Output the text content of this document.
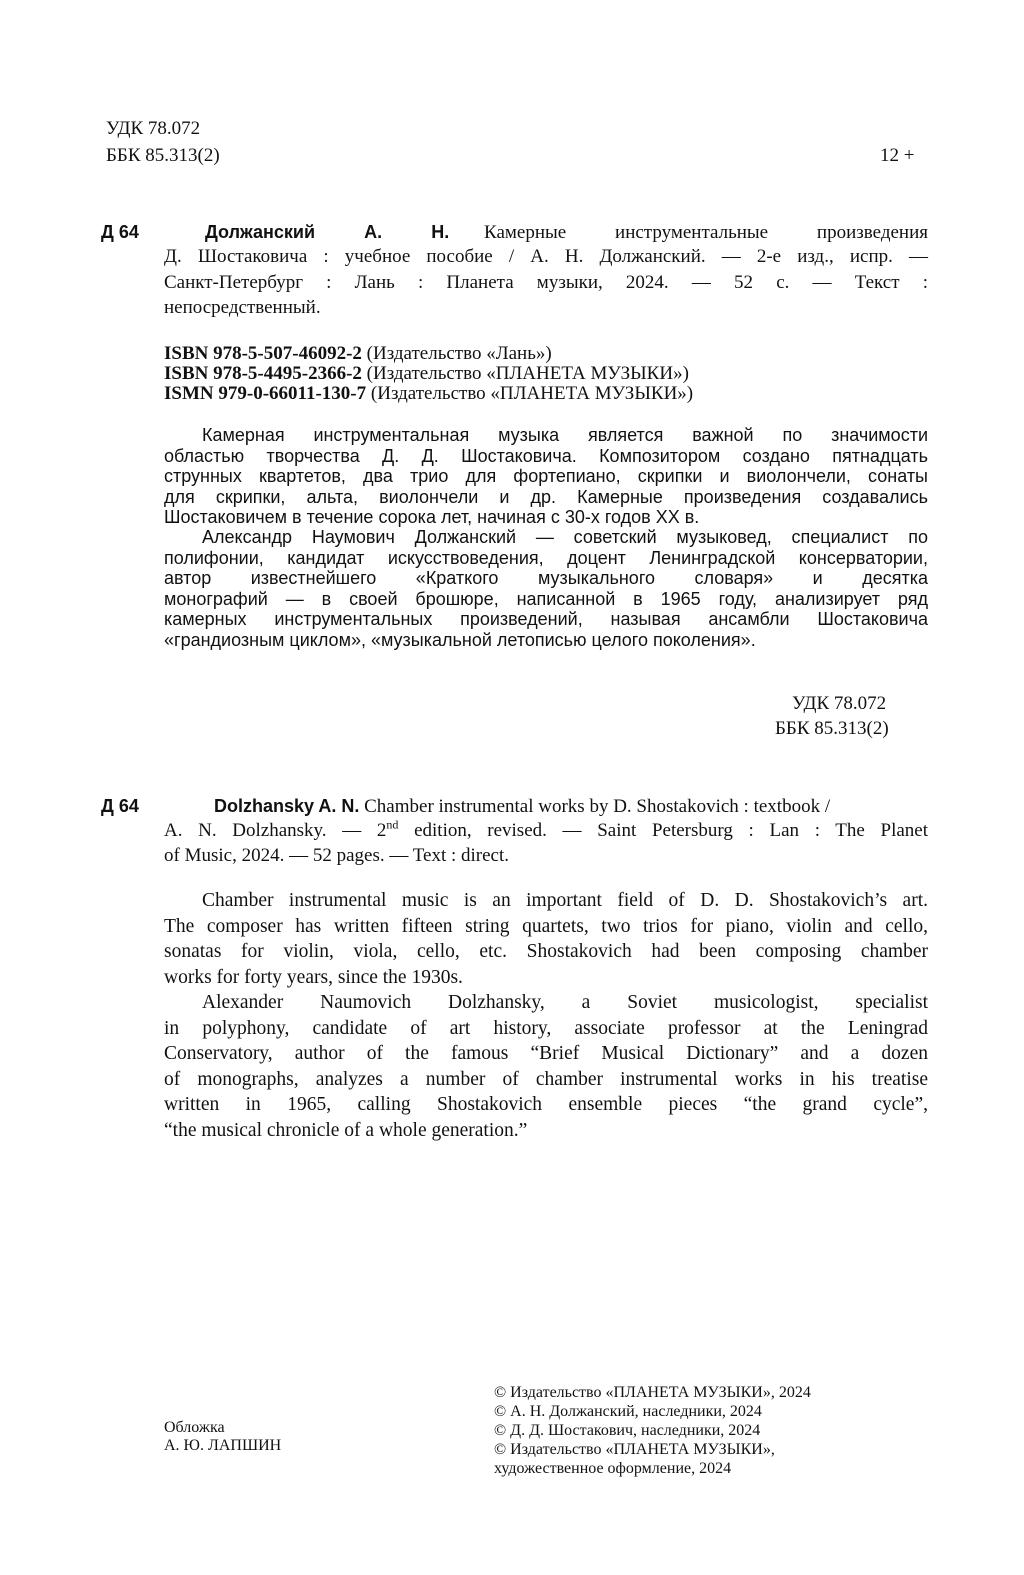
УДК 78.072
ББК 85.313(2)	12 +
Д 64	Должанский А. Н. Камерные инструментальные произведения
Д. Шостаковича : учебное пособие / А. Н. Должанский. — 2-е изд., испр. —
Санкт-Петербург : Лань : Планета музыки, 2024. — 52 с. — Текст :
непосредственный.
ISBN 978-5-507-46092-2 (Издательство «Лань»)
ISBN 978-5-4495-2366-2 (Издательство «ПЛАНЕТА МУЗЫКИ»)
ISMN 979-0-66011-130-7 (Издательство «ПЛАНЕТА МУЗЫКИ»)
Камерная инструментальная музыка является важной по значимости
областью творчества Д. Д. Шостаковича. Композитором создано пятнадцать
струнных квартетов, два трио для фортепиано, скрипки и виолончели, сонаты
для скрипки, альта, виолончели и др. Камерные произведения создавались
Шостаковичем в течение сорока лет, начиная с 30-х годов XX в.
Александр Наумович Должанский — советский музыковед, специалист по
полифонии, кандидат искусствоведения, доцент Ленинградской консерватории,
автор известнейшего «Краткого музыкального словаря» и десятка
монографий — в своей брошюре, написанной в 1965 году, анализирует ряд
камерных инструментальных произведений, называя ансамбли Шостаковича
«грандиозным циклом», «музыкальной летописью целого поколения».
УДК 78.072
ББК 85.313(2)
Д 64	Dolzhansky A. N. Chamber instrumental works by D. Shostakovich : textbook /
A. N. Dolzhansky. — 2nd edition, revised. — Saint Petersburg : Lan : The Planet
of Music, 2024. — 52 pages. — Text : direct.
Chamber instrumental music is an important field of D. D. Shostakovich’s art.
The composer has written fifteen string quartets, two trios for piano, violin and cello,
sonatas for violin, viola, cello, etc. Shostakovich had been composing chamber
works for forty years, since the 1930s.
Alexander Naumovich Dolzhansky, a Soviet musicologist, specialist
in polyphony, candidate of art history, associate professor at the Leningrad
Conservatory, author of the famous “Brief Musical Dictionary” and a dozen
of monographs, analyzes a number of chamber instrumental works in his treatise
written in 1965, calling Shostakovich ensemble pieces “the grand cycle”,
“the musical chronicle of a whole generation.”
Обложка
А. Ю. ЛАПШИН
© Издательство «ПЛАНЕТА МУЗЫКИ», 2024
© А. Н. Должанский, наследники, 2024
© Д. Д. Шостакович, наследники, 2024
© Издательство «ПЛАНЕТА МУЗЫКИ»,
художественное оформление, 2024
